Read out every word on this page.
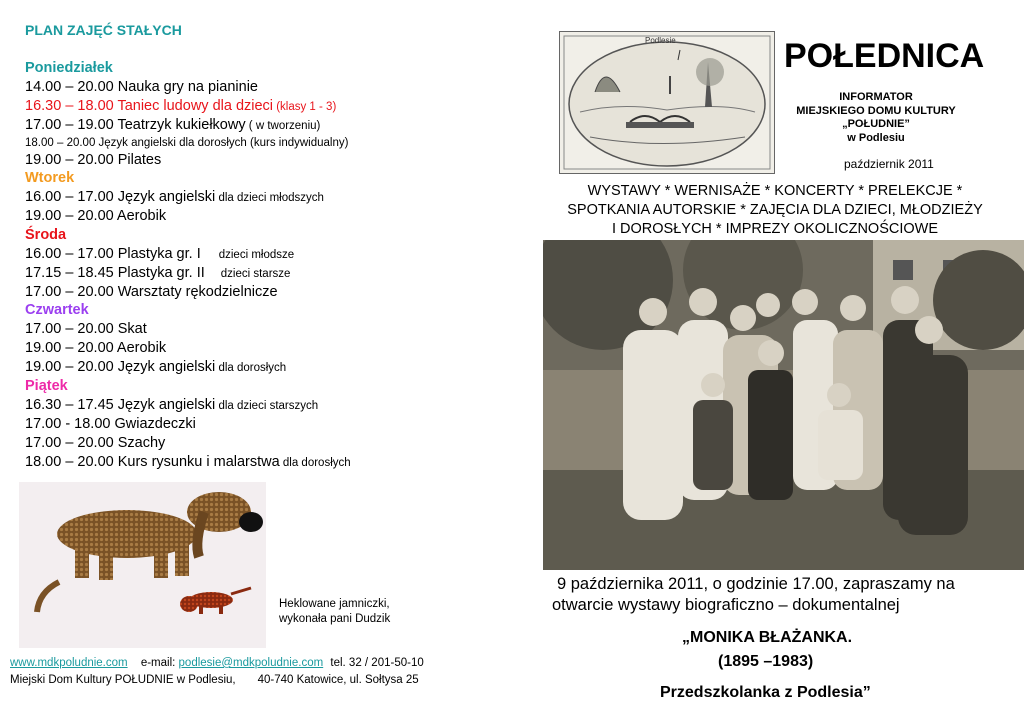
PLAN ZAJĘĆ STAŁYCH
Poniedziałek
14.00 – 20.00 Nauka gry na pianinie
16.30 – 18.00 Taniec ludowy dla dzieci (klasy 1 - 3)
17.00 – 19.00 Teatrzyk kukiełkowy ( w tworzeniu)
18.00 – 20.00 Język angielski dla dorosłych (kurs indywidualny)
19.00 – 20.00 Pilates
Wtorek
16.00 – 17.00 Język angielski dla dzieci młodszych
19.00 – 20.00 Aerobik
Środa
16.00 – 17.00 Plastyka gr. I dzieci młodsze
17.15 – 18.45 Plastyka gr. II dzieci starsze
17.00 – 20.00 Warsztaty rękodzielnicze
Czwartek
17.00 – 20.00 Skat
19.00 – 20.00 Aerobik
19.00 – 20.00 Język angielski dla dorosłych
Piątek
16.30 – 17.45 Język angielski dla dzieci starszych
17.00 - 18.00 Gwiazdeczki
17.00 – 20.00 Szachy
18.00 – 20.00 Kurs rysunku i malarstwa dla dorosłych
Heklowane jamniczki,
wykonała pani Dudzik
www.mdkpoludnie.com e-mail: podlesie@mdkpoludnie.com tel. 32 / 201-50-10
Miejski Dom Kultury POŁUDNIE w Podlesiu, 40-740 Katowice, ul. Sołtysa 25
Podlesie	POŁEDNICA
INFORMATOR
MIEJSKIEGO DOMU KULTURY
„POŁUDNIE”
w Podlesiu
październik 2011
WYSTAWY * WERNISAŻE * KONCERTY * PRELEKCJE *
SPOTKANIA AUTORSKIE * ZAJĘCIA DLA DZIECI, MŁODZIEŻY
I DOROSŁYCH * IMPREZY OKOLICZNOŚCIOWE
9 października 2011, o godzinie 17.00, zapraszamy na
otwarcie wystawy biograficzno – dokumentalnej
„MONIKA BŁAŻANKA.
(1895 –1983)
Przedszkolanka z Podlesia”
